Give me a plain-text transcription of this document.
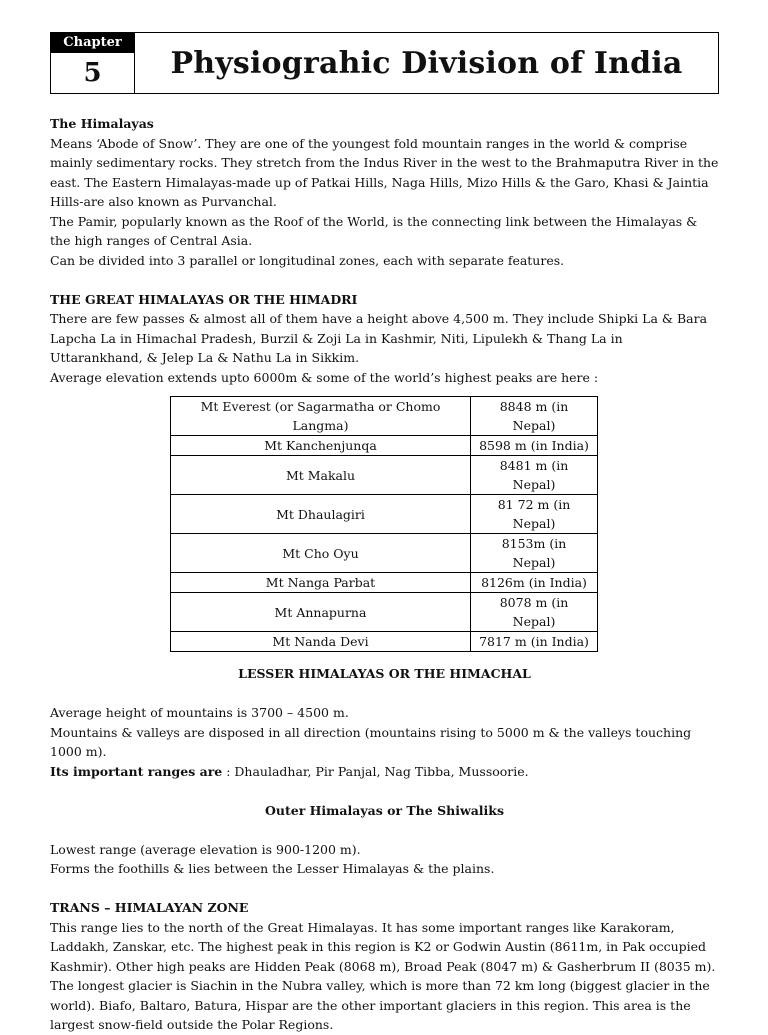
Chapter
5	Physiograhic Division of India

The Himalayas

Means ‘Abode of Snow’. They are one of the youngest fold mountain ranges in the world & comprise mainly sedimentary rocks. They stretch from the Indus River in the west to the Brahmaputra River in the east. The Eastern Himalayas-made up of Patkai Hills, Naga Hills, Mizo Hills & the Garo, Khasi & Jaintia Hills-are also known as Purvanchal.

The Pamir, popularly known as the Roof of the World, is the connecting link between the Himalayas & the high ranges of Central Asia.

Can be divided into 3 parallel or longitudinal zones, each with separate features.

THE GREAT HIMALAYAS OR THE HIMADRI

There are few passes & almost all of them have a height above 4,500 m. They include Shipki La & Bara Lapcha La in Himachal Pradesh, Burzil & Zoji La in Kashmir, Niti, Lipulekh & Thang La in Uttarankhand, & Jelep La & Nathu La in Sikkim.

Average elevation extends upto 6000m & some of the world’s highest peaks are here :

Mt Everest (or Sagarmatha or Chomo Langma)	8848 m (in Nepal)
Mt Kanchenjunqa	8598 m (in India)
Mt Makalu	8481 m (in Nepal)
Mt Dhaulagiri	81 72 m (in Nepal)
Mt Cho Oyu	8153m (in Nepal)
Mt Nanga Parbat	8126m (in India)
Mt Annapurna	8078 m (in Nepal)
Mt Nanda Devi	7817 m (in India)

LESSER HIMALAYAS OR THE HIMACHAL

Average height of mountains is 3700 – 4500 m.

Mountains & valleys are disposed in all direction (mountains rising to 5000 m & the valleys touching 1000 m).

Its important ranges are : Dhauladhar, Pir Panjal, Nag Tibba, Mussoorie.

Outer Himalayas or The Shiwaliks

Lowest range (average elevation is 900-1200 m).

Forms the foothills & lies between the Lesser Himalayas & the plains.

TRANS – HIMALAYAN ZONE

This range lies to the north of the Great Himalayas. It has some important ranges like Karakoram, Laddakh, Zanskar, etc. The highest peak in this region is K2 or Godwin Austin (8611m, in Pak occupied Kashmir). Other high peaks are Hidden Peak (8068 m), Broad Peak (8047 m) & Gasherbrum II (8035 m).

The longest glacier is Siachin in the Nubra valley, which is more than 72 km long (biggest glacier in the world). Biafo, Baltaro, Batura, Hispar are the other important glaciers in this region. This area is the largest snow-field outside the Polar Regions.
